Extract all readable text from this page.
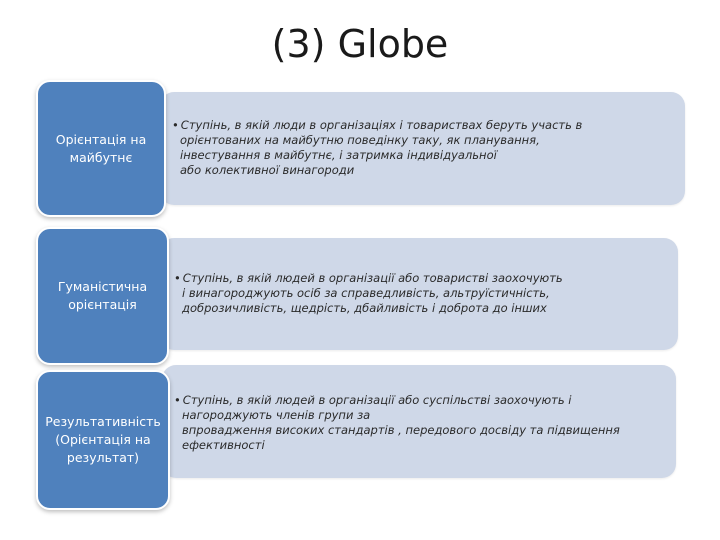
(3) Globe
• Ступінь, в якій люди в організаціях і товариствах беруть участь в
орієнтованих на майбутню поведінку таку, як планування,
інвестування в майбутнє, і затримка індивідуальної
або колективної винагороди
Орієнтація на
майбутнє
• Ступінь, в якій людей в організації або товаристві заохочують
і винагороджують осіб за справедливість, альтруїстичність,
доброзичливість, щедрість, дбайливість і доброта до інших
Гуманістична
орієнтація
• Ступінь, в якій людей в організації або суспільстві заохочують і
нагороджують членів групи за
впровадження високих стандартів , передового досвіду та підвищення
ефективності
Результативність
(Орієнтація на
результат)
